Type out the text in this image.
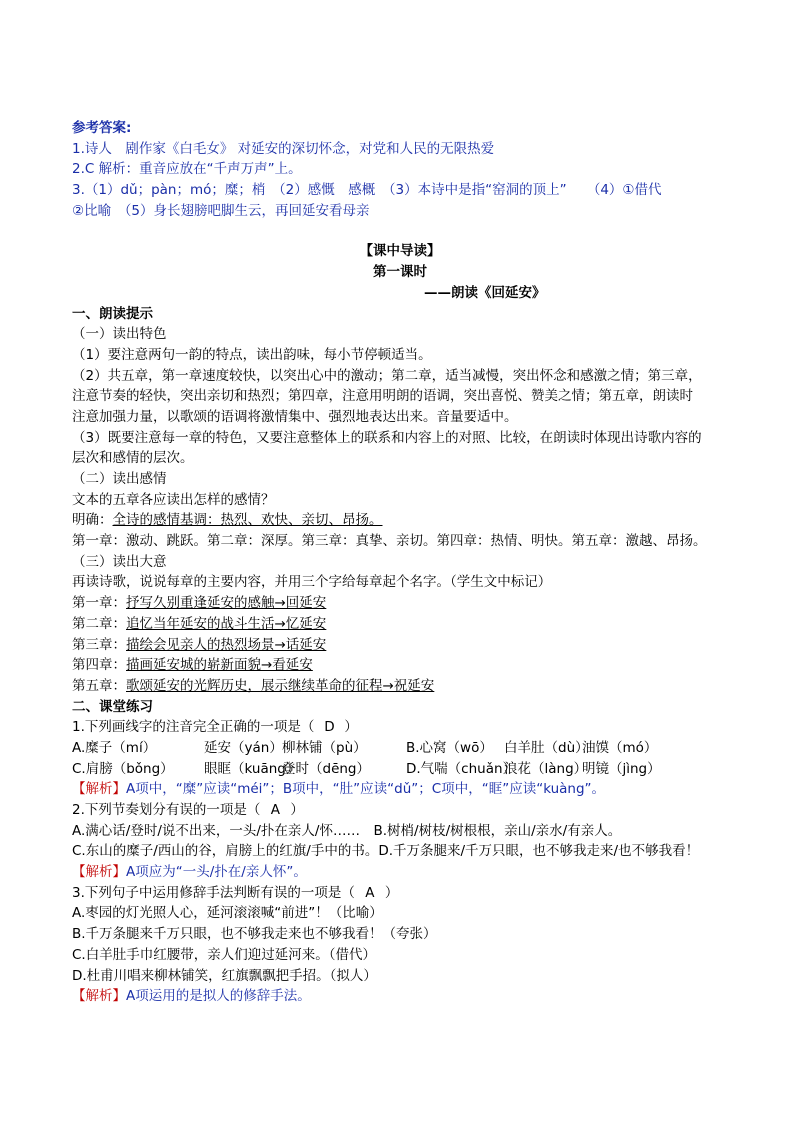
参考答案:
1.诗人　剧作家《白毛女》 对延安的深切怀念，对党和人民的无限热爱
2.C 解析：重音应放在“千声万声”上。
3.（1）dǔ；pàn；mó；糜；梢　（2）感慨　感概　（3）本诗中是指“窑洞的顶上”　　（4）①借代
②比喻　（5）身长翅膀吧脚生云，再回延安看母亲
【课中导读】
第一课时
——朗读《回延安》
一、朗读提示
（一）读出特色
（1）要注意两句一韵的特点，读出韵味，每小节停顿适当。
（2）共五章，第一章速度较快，以突出心中的激动；第二章，适当减慢，突出怀念和感激之情；第三章，
注意节奏的轻快，突出亲切和热烈；第四章，注意用明朗的语调，突出喜悦、赞美之情；第五章，朗读时
注意加强力量，以歌颂的语调将激情集中、强烈地表达出来。音量要适中。
（3）既要注意每一章的特色，又要注意整体上的联系和内容上的对照、比较，在朗读时体现出诗歌内容的
层次和感情的层次。
（二）读出感情
文本的五章各应读出怎样的感情？
明确：全诗的感情基调：热烈、欢快、亲切、昂扬。
第一章：激动、跳跃。第二章：深厚。第三章：真挚、亲切。第四章：热情、明快。第五章：激越、昂扬。
（三）读出大意
再读诗歌，说说每章的主要内容，并用三个字给每章起个名字。（学生文中标记）
第一章：抒写久别重逢延安的感触→回延安
第二章：追忆当年延安的战斗生活→忆延安
第三章：描绘会见亲人的热烈场景→话延安
第四章：描画延安城的崭新面貌→看延安
第五章：歌颂延安的光辉历史，展示继续革命的征程→祝延安
二、课堂练习
1.下列画线字的注音完全正确的一项是（ D ）
A.糜子（mí）	延安（yán）柳林铺（pù）	B.心窝（wō） 白羊肚（dù）油馍（mó）
C.肩膀（bǒng） 眼眶（kuāng）登时（dēng）	D.气喘（chuǎn）浪花（làng）明镜（jìng）
【解析】A项中，“糜”应读“méi”；B项中，“肚”应读“dǔ”；C项中，“眶”应读“kuàng”。
2.下列节奏划分有误的一项是（ A ）
A.满心话/登时/说不出来，一头/扑在亲人/怀……　B.树梢/树枝/树根根，亲山/亲水/有亲人。
C.东山的糜子/西山的谷，肩膀上的红旗/手中的书。D.千万条腿来/千万只眼，也不够我走来/也不够我看！
【解析】A项应为“一头/扑在/亲人怀”。
3.下列句子中运用修辞手法判断有误的一项是（ A ）
A.枣园的灯光照人心，延河滚滚喊“前进”！（比喻）
B.千万条腿来千万只眼，也不够我走来也不够我看！（夸张）
C.白羊肚手巾红腰带，亲人们迎过延河来。（借代）
D.杜甫川唱来柳林铺笑，红旗飘飘把手招。（拟人）
【解析】A项运用的是拟人的修辞手法。
